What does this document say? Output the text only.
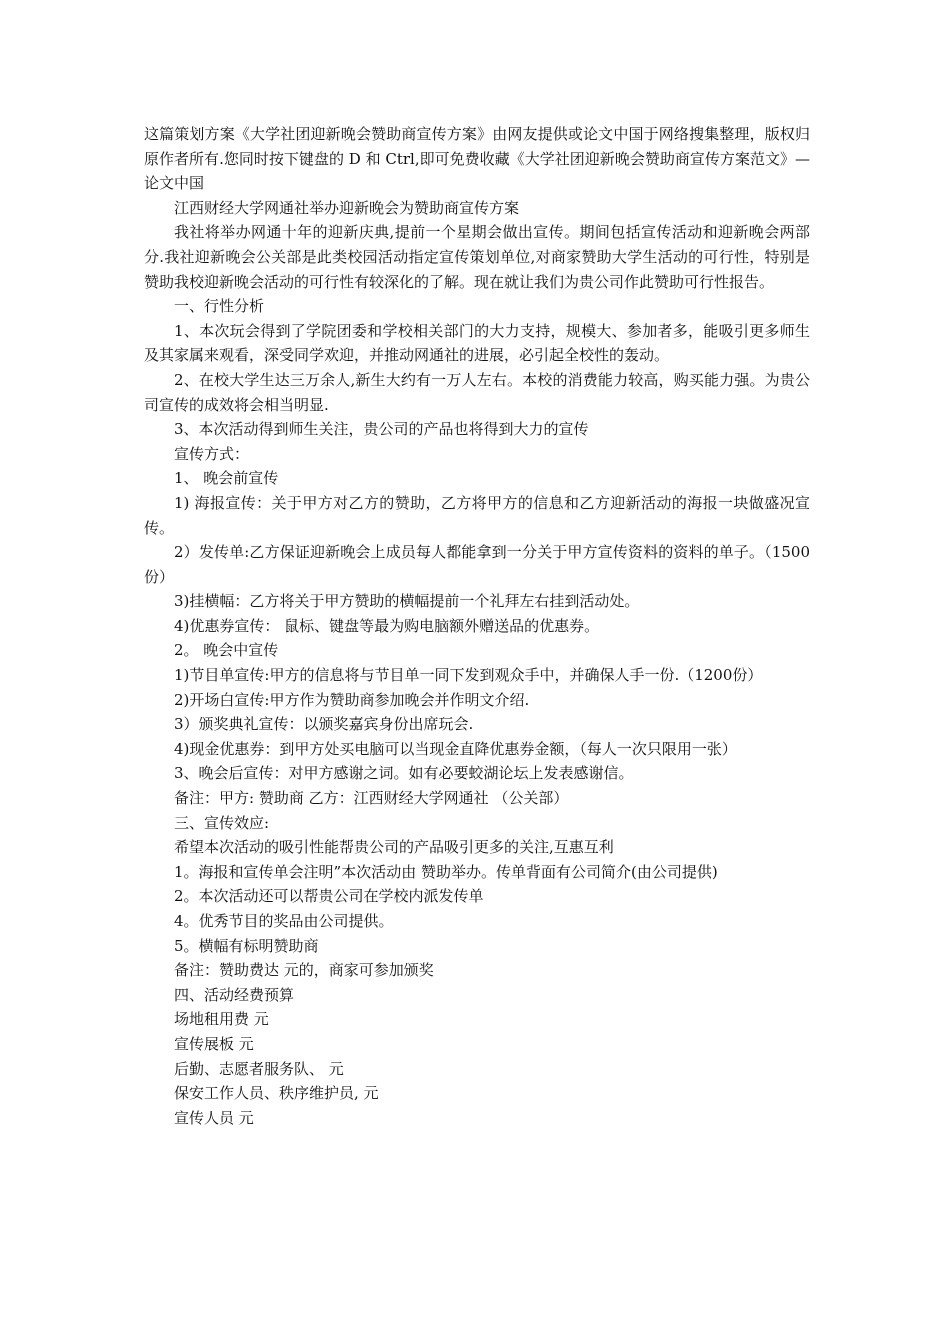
这篇策划方案《大学社团迎新晚会赞助商宣传方案》由网友提供或论文中国于网络搜集整理，版权归原作者所有.您同时按下键盘的 D 和 Ctrl,即可免费收藏《大学社团迎新晚会赞助商宣传方案范文》—论文中国

江西财经大学网通社举办迎新晚会为赞助商宣传方案

我社将举办网通十年的迎新庆典,提前一个星期会做出宣传。期间包括宣传活动和迎新晚会两部分.我社迎新晚会公关部是此类校园活动指定宣传策划单位,对商家赞助大学生活动的可行性，特别是赞助我校迎新晚会活动的可行性有较深化的了解。现在就让我们为贵公司作此赞助可行性报告。

一、行性分析

1、本次玩会得到了学院团委和学校相关部门的大力支持，规模大、参加者多，能吸引更多师生及其家属来观看，深受同学欢迎，并推动网通社的进展，必引起全校性的轰动。

2、在校大学生达三万余人,新生大约有一万人左右。本校的消费能力较高，购买能力强。为贵公司宣传的成效将会相当明显.

3、本次活动得到师生关注，贵公司的产品也将得到大力的宣传

宣传方式：

1、 晚会前宣传

1) 海报宣传：关于甲方对乙方的赞助，乙方将甲方的信息和乙方迎新活动的海报一块做盛况宣传。

2）发传单:乙方保证迎新晚会上成员每人都能拿到一分关于甲方宣传资料的资料的单子。（1500份）

3)挂横幅：乙方将关于甲方赞助的横幅提前一个礼拜左右挂到活动处。

4)优惠券宣传： 鼠标、键盘等最为购电脑额外赠送品的优惠券。

2。 晚会中宣传

1)节目单宣传:甲方的信息将与节目单一同下发到观众手中，并确保人手一份.（1200份）

2)开场白宣传:甲方作为赞助商参加晚会并作明文介绍.

3）颁奖典礼宣传：以颁奖嘉宾身份出席玩会.

4)现金优惠券：到甲方处买电脑可以当现金直降优惠券金额，（每人一次只限用一张）

3、晚会后宣传：对甲方感谢之词。如有必要蛟湖论坛上发表感谢信。

备注：甲方: 赞助商 乙方：江西财经大学网通社 （公关部）

三、宣传效应:

希望本次活动的吸引性能帮贵公司的产品吸引更多的关注,互惠互利

1。海报和宣传单会注明”本次活动由 赞助举办。传单背面有公司简介(由公司提供)

2。本次活动还可以帮贵公司在学校内派发传单

4。优秀节目的奖品由公司提供。

5。横幅有标明赞助商

备注：赞助费达 元的，商家可参加颁奖

四、活动经费预算

场地租用费 元

宣传展板 元

后勤、志愿者服务队、 元

保安工作人员、秩序维护员, 元

宣传人员 元
